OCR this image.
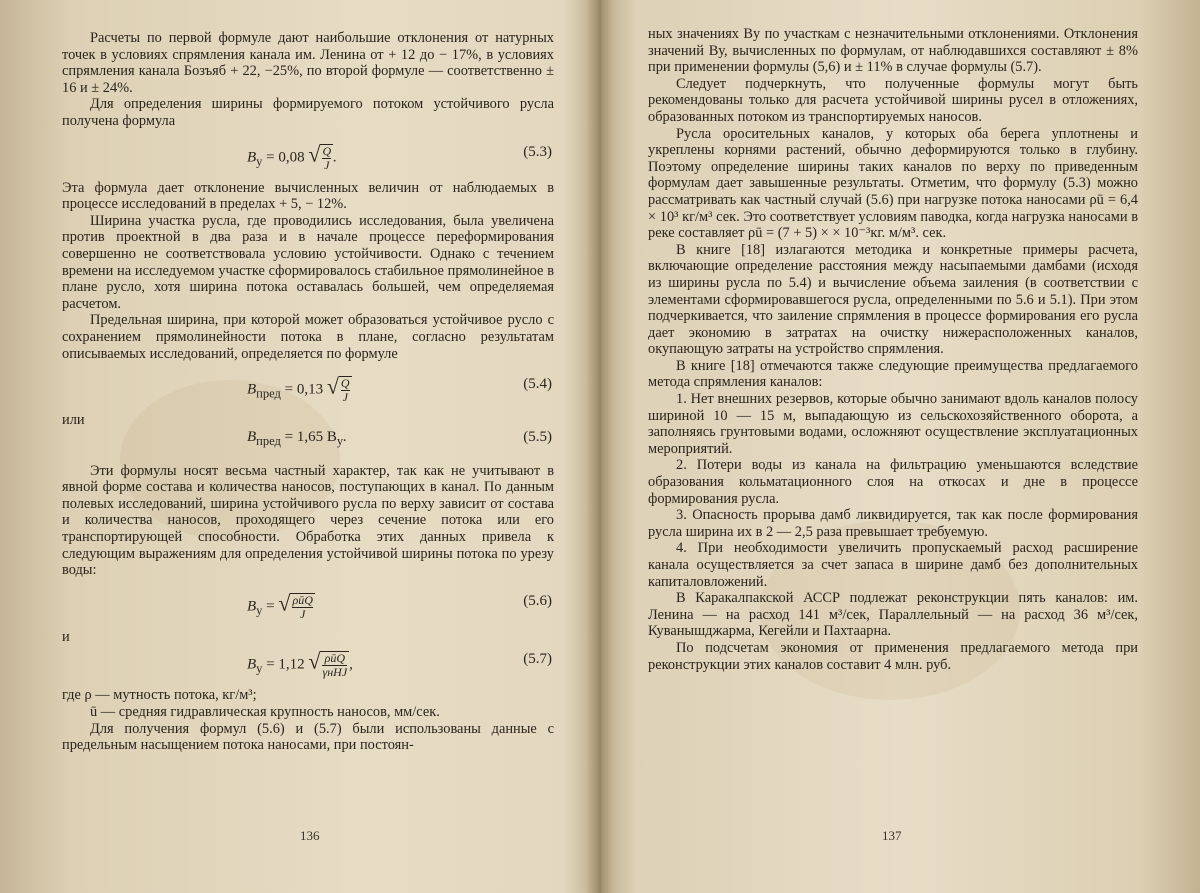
Расчеты по первой формуле дают наибольшие отклонения от натурных точек в условиях спрямления канала им. Ленина от + 12 до − 17%, в условиях спрямления канала Бозъяб + 22, −25%, по второй формуле — соответственно ± 16 и ± 24%.

Для определения ширины формируемого потоком устойчивого русла получена формула

$B_у = 0,08$ √ $\frac{Q}{J}$ .	(5.3)

Эта формула дает отклонение вычисленных величин от наблюдаемых в процессе исследований в пределах + 5, − 12%.

Ширина участка русла, где проводились исследования, была увеличена против проектной в два раза и в начале процессе переформирования совершенно не соответствовала условию устойчивости. Однако с течением времени на исследуемом участке сформировалось стабильное прямолинейное в плане русло, хотя ширина потока оставалась большей, чем определяемая расчетом.

Предельная ширина, при которой может образоваться устойчивое русло с сохранением прямолинейности потока в плане, согласно результатам описываемых исследований, определяется по формуле

$B_{пред} = 0,13$ √ $\frac{Q}{J}$	(5.4)

или

$B_{пред} = 1,65$ $B_у$.	(5.5)

Эти формулы носят весьма частный характер, так как не учитывают в явной форме состава и количества наносов, поступающих в канал. По данным полевых исследований, ширина устойчивого русла по верху зависит от состава и количества наносов, проходящего через сечение потока или его транспортирующей способности. Обработка этих данных привела к следующим выражениям для определения устойчивой ширины потока по урезу воды:

$B_у$ = √ ρūQ
J
(5.6)

и

$B_у = 1,12$ √ ρūQ
γнHJ ,	(5.7)

где ρ — мутность потока, кг/м³;

ū — средняя гидравлическая крупность наносов, мм/сек.

Для получения формул (5.6) и (5.7) были использованы данные с предельным насыщением потока наносами, при постоян-

ных значениях Bу по участкам с незначительными отклонениями. Отклонения значений Bу, вычисленных по формулам, от наблюдавшихся составляют ± 8% при применении формулы (5,6) и ± 11% в случае формулы (5.7).

Следует подчеркнуть, что полученные формулы могут быть рекомендованы только для расчета устойчивой ширины русел в отложениях, образованных потоком из транспортируемых наносов.

Русла оросительных каналов, у которых оба берега уплотнены и укреплены корнями растений, обычно деформируются только в глубину. Поэтому определение ширины таких каналов по верху по приведенным формулам дает завышенные результаты. Отметим, что формулу (5.3) можно рассматривать как частный случай (5.6) при нагрузке потока наносами ρū = 6,4 × 10³ кг/м³ сек. Это соответствует условиям паводка, когда нагрузка наносами в реке составляет ρū = (7 + 5) × × 10⁻³кг. м/м³. сек.

В книге [18] излагаются методика и конкретные примеры расчета, включающие определение расстояния между насыпаемыми дамбами (исходя из ширины русла по 5.4) и вычисление объема заиления (в соответствии с элементами сформировавшегося русла, определенными по 5.6 и 5.1). При этом подчеркивается, что заиление спрямления в процессе формирования его русла дает экономию в затратах на очистку нижерасположенных каналов, окупающую затраты на устройство спрямления.

В книге [18] отмечаются также следующие преимущества предлагаемого метода спрямления каналов:

1. Нет внешних резервов, которые обычно занимают вдоль каналов полосу шириной 10 — 15 м, выпадающую из сельскохозяйственного оборота, а заполняясь грунтовыми водами, осложняют осуществление эксплуатационных мероприятий.

2. Потери воды из канала на фильтрацию уменьшаются вследствие образования кольматационного слоя на откосах и дне в процессе формирования русла.

3. Опасность прорыва дамб ликвидируется, так как после формирования русла ширина их в 2 — 2,5 раза превышает требуемую.

4. При необходимости увеличить пропускаемый расход расширение канала осуществляется за счет запаса в ширине дамб без дополнительных капиталовложений.

В Каракалпакской АССР подлежат реконструкции пять каналов: им. Ленина — на расход 141 м³/сек, Параллельный — на расход 36 м³/сек, Куванышджарма, Кегейли и Пахтаарна.

По подсчетам экономия от применения предлагаемого метода при реконструкции этих каналов составит 4 млн. руб.

136	137
